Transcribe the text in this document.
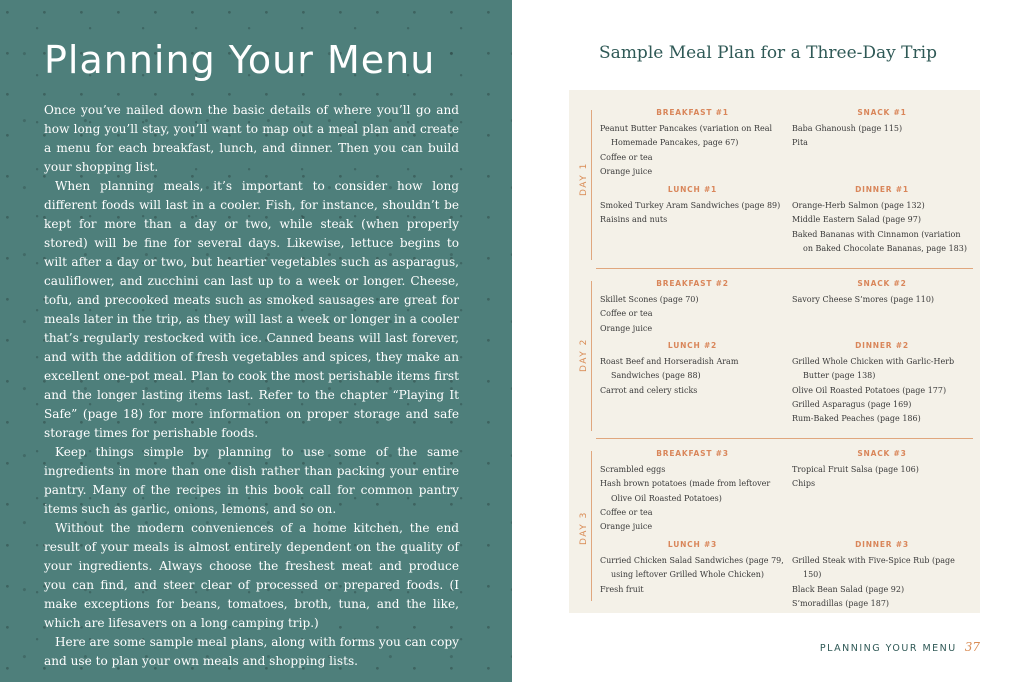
Planning Your Menu

Once you’ve nailed down the basic details of where you’ll go and how long you’ll stay, you’ll want to map out a meal plan and create a menu for each breakfast, lunch, and dinner. Then you can build your shopping list.

When planning meals, it’s important to consider how long different foods will last in a cooler. Fish, for instance, shouldn’t be kept for more than a day or two, while steak (when properly stored) will be fine for several days. Likewise, lettuce begins to wilt after a day or two, but heartier vegetables such as asparagus, cauliflower, and zucchini can last up to a week or longer. Cheese, tofu, and precooked meats such as smoked sausages are great for meals later in the trip, as they will last a week or longer in a cooler that’s regularly restocked with ice. Canned beans will last forever, and with the addition of fresh vegetables and spices, they make an excellent one-pot meal. Plan to cook the most perishable items first and the longer lasting items last. Refer to the chapter “Playing It Safe” (page 18) for more information on proper storage and safe storage times for perishable foods.

Keep things simple by planning to use some of the same ingredients in more than one dish rather than packing your entire pantry. Many of the recipes in this book call for common pantry items such as garlic, onions, lemons, and so on.

Without the modern conveniences of a home kitchen, the end result of your meals is almost entirely dependent on the quality of your ingredients. Always choose the freshest meat and produce you can find, and steer clear of processed or prepared foods. (I make exceptions for beans, tomatoes, broth, tuna, and the like, which are lifesavers on a long camping trip.)

Here are some sample meal plans, along with forms you can copy and use to plan your own meals and shopping lists.

Sample Meal Plan for a Three-Day Trip
DAY 1
BREAKFAST #1
Peanut Butter Pancakes (variation on Real Homemade Pancakes, page 67)
Coffee or tea
Orange juice
SNACK #1
Baba Ghanoush (page 115)
Pita
LUNCH #1
Smoked Turkey Aram Sandwiches (page 89)
Raisins and nuts
DINNER #1
Orange-Herb Salmon (page 132)
Middle Eastern Salad (page 97)
Baked Bananas with Cinnamon (variation on Baked Chocolate Bananas, page 183)
DAY 2
BREAKFAST #2
Skillet Scones (page 70)
Coffee or tea
Orange juice
SNACK #2
Savory Cheese S’mores (page 110)
LUNCH #2
Roast Beef and Horseradish Aram Sandwiches (page 88)
Carrot and celery sticks
DINNER #2
Grilled Whole Chicken with Garlic-Herb Butter (page 138)
Olive Oil Roasted Potatoes (page 177)
Grilled Asparagus (page 169)
Rum-Baked Peaches (page 186)
DAY 3
BREAKFAST #3
Scrambled eggs
Hash brown potatoes (made from leftover Olive Oil Roasted Potatoes)
Coffee or tea
Orange juice
SNACK #3
Tropical Fruit Salsa (page 106)
Chips
LUNCH #3
Curried Chicken Salad Sandwiches (page 79, using leftover Grilled Whole Chicken)
Fresh fruit
DINNER #3
Grilled Steak with Five-Spice Rub (page 150)
Black Bean Salad (page 92)
S’moradillas (page 187)
PLANNING YOUR MENU 37
